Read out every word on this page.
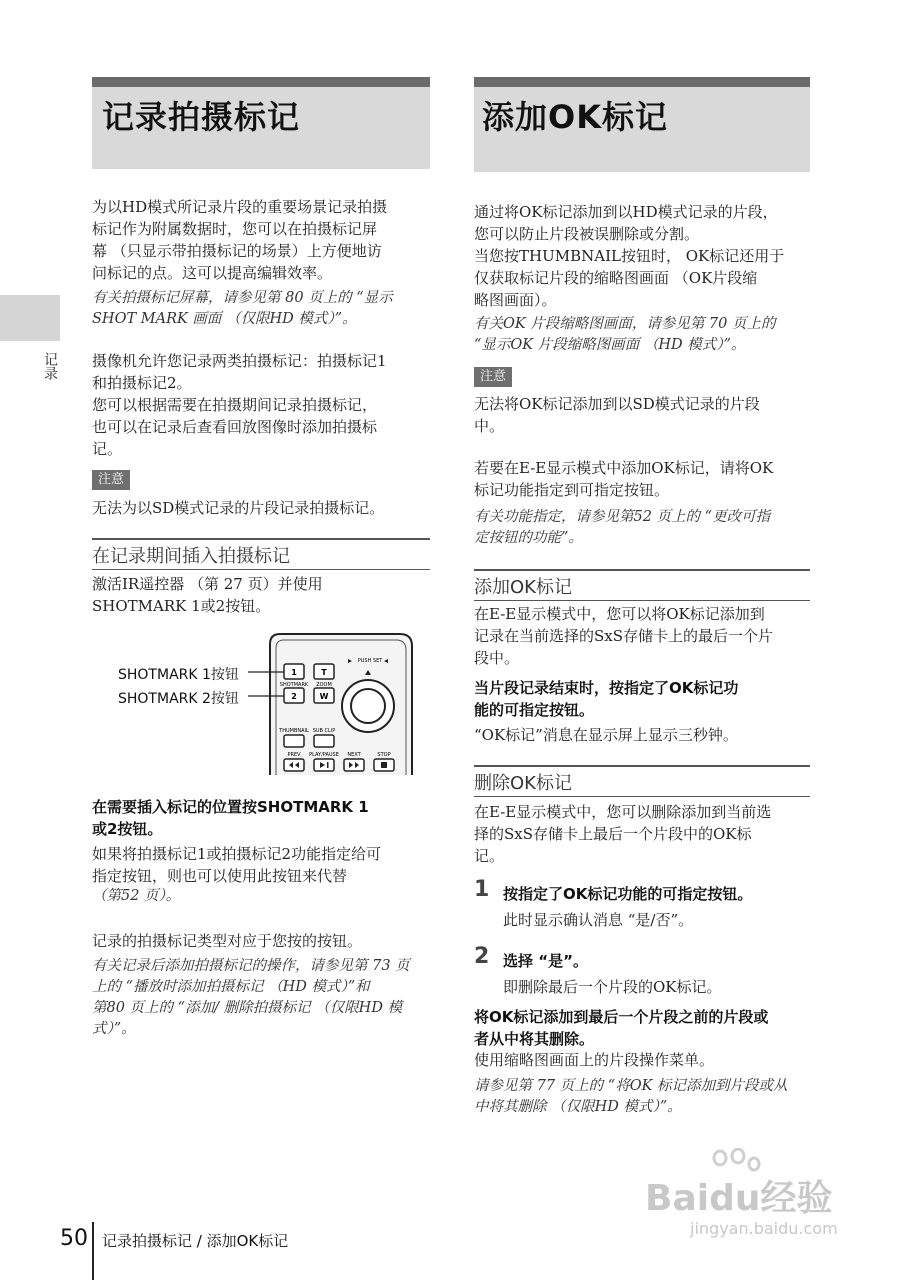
记录
记录拍摄标记
为以HD模式所记录片段的重要场景记录拍摄
标记作为附属数据时，您可以在拍摄标记屏
幕 （只显示带拍摄标记的场景）上方便地访
问标记的点。这可以提高编辑效率。
有关拍摄标记屏幕，请参见第 80 页上的 “显示
SHOT MARK 画面 （仅限HD 模式）”。
摄像机允许您记录两类拍摄标记：拍摄标记1
和拍摄标记2。
您可以根据需要在拍摄期间记录拍摄标记，
也可以在记录后查看回放图像时添加拍摄标
记。
注意
无法为以SD模式记录的片段记录拍摄标记。
在记录期间插入拍摄标记
激活IR遥控器 （第 27 页）并使用
SHOTMARK 1或2按钮。
SHOTMARK 1按钮
SHOTMARK 2按钮
1
2
T
W
SHOTMARK ZOOM
PUSH SET
THUMBNAIL SUB CLIP
PREV PLAY/PAUSE NEXT	STOP
在需要插入标记的位置按SHOTMARK 1
或2按钮。
如果将拍摄标记1或拍摄标记2功能指定给可
指定按钮，则也可以使用此按钮来代替
（第52 页）。
记录的拍摄标记类型对应于您按的按钮。
有关记录后添加拍摄标记的操作，请参见第 73 页
上的 “播放时添加拍摄标记 （HD 模式）”和
第80 页上的 “添加/ 删除拍摄标记 （仅限HD 模
式）”。
添加OK标记
通过将OK标记添加到以HD模式记录的片段，
您可以防止片段被误删除或分割。
当您按THUMBNAIL按钮时， OK标记还用于
仅获取标记片段的缩略图画面 （OK片段缩
略图画面）。
有关OK 片段缩略图画面，请参见第 70 页上的
“显示OK 片段缩略图画面 （HD 模式）”。
注意
无法将OK标记添加到以SD模式记录的片段
中。
若要在E-E显示模式中添加OK标记，请将OK
标记功能指定到可指定按钮。
有关功能指定，请参见第52 页上的 “更改可指
定按钮的功能”。
添加OK标记
在E-E显示模式中，您可以将OK标记添加到
记录在当前选择的SxS存储卡上的最后一个片
段中。
当片段记录结束时，按指定了OK标记功
能的可指定按钮。
“OK标记”消息在显示屏上显示三秒钟。
删除OK标记
在E-E显示模式中，您可以删除添加到当前选
择的SxS存储卡上最后一个片段中的OK标
记。
1 按指定了OK标记功能的可指定按钮。
此时显示确认消息 “是/否”。
2 选择 “是”。
即删除最后一个片段的OK标记。
将OK标记添加到最后一个片段之前的片段或
者从中将其删除。
使用缩略图画面上的片段操作菜单。
请参见第 77 页上的 “将OK 标记添加到片段或从
中将其删除 （仅限HD 模式）”。
50 记录拍摄标记 / 添加OK标记
Baidu经验
jingyan.baidu.com
